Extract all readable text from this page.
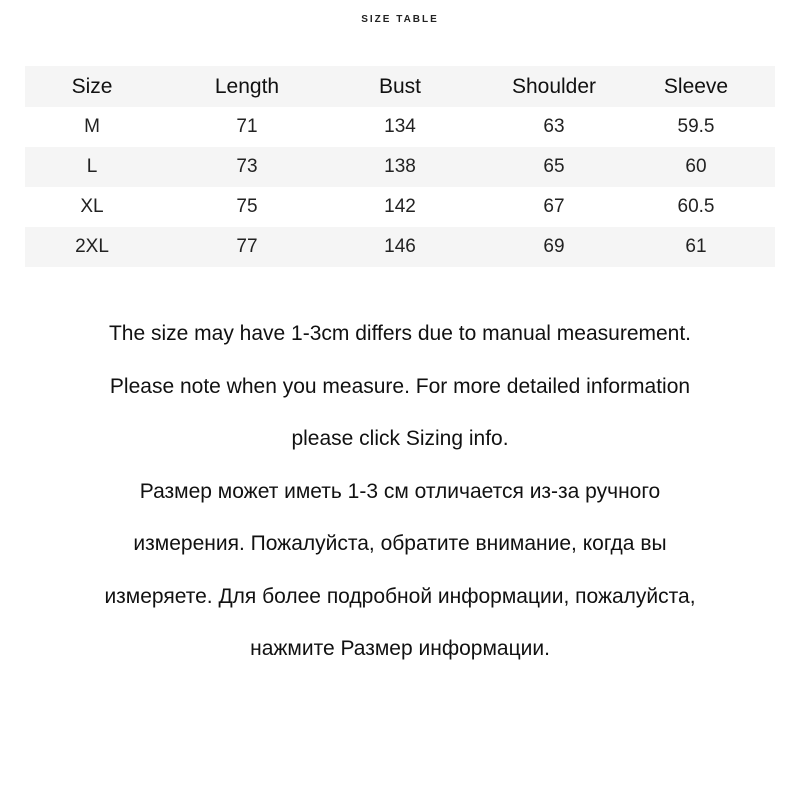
SIZE TABLE
Size	Length	Bust	Shoulder	Sleeve
M	71	134	63	59.5
L	73	138	65	60
XL	75	142	67	60.5
2XL	77	146	69	61
The size may have 1-3cm differs due to manual measurement.
Please note when you measure. For more detailed information
please click Sizing info.
Размер может иметь 1-3 см отличается из-за ручного
измерения. Пожалуйста, обратите внимание, когда вы
измеряете. Для более подробной информации, пожалуйста,
нажмите Размер информации.
